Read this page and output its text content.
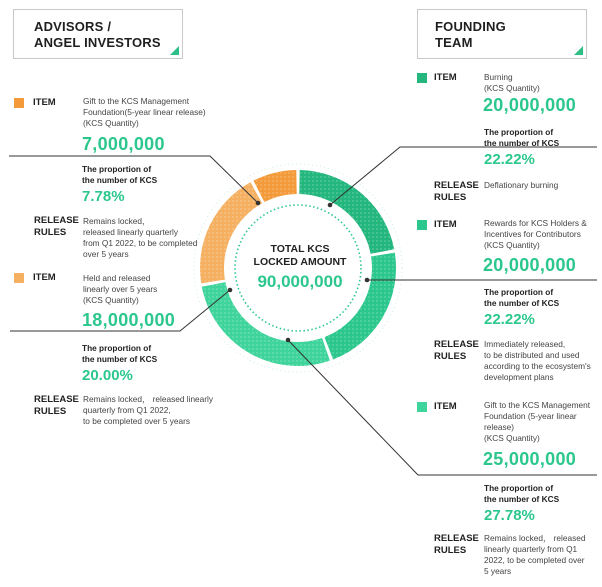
ADVISORS /
ANGEL INVESTORS
FOUNDING
TEAM
TOTAL KCS
LOCKED AMOUNT
90,000,000
ITEM	Gift to the KCS Management
Foundation(5-year linear release)
(KCS Quantity)
7,000,000
The proportion of
the number of KCS
7.78%
RELEASE
RULES
Remains locked，
released linearly quarterly
from Q1 2022, to be completed
over 5 years
ITEM	Held and released
linearly over 5 years
(KCS Quantity)
18,000,000
The proportion of
the number of KCS
20.00%
RELEASE
RULES
Remains locked， released linearly
quarterly from Q1 2022,
to be completed over 5 years
ITEM	Burning
(KCS Quantity)
20,000,000
The proportion of
the number of KCS
22.22%
RELEASE
RULES
Deflationary burning
ITEM	Rewards for KCS Holders &
Incentives for Contributors
(KCS Quantity)
20,000,000
The proportion of
the number of KCS
22.22%
RELEASE
RULES
Immediately released,
to be distributed and used
according to the ecosystem's
development plans
ITEM	Gift to the KCS Management
Foundation (5-year linear
release)
(KCS Quantity)
25,000,000
The proportion of
the number of KCS
27.78%
RELEASE
RULES
Remains locked， released
linearly quarterly from Q1
2022, to be completed over
5 years
